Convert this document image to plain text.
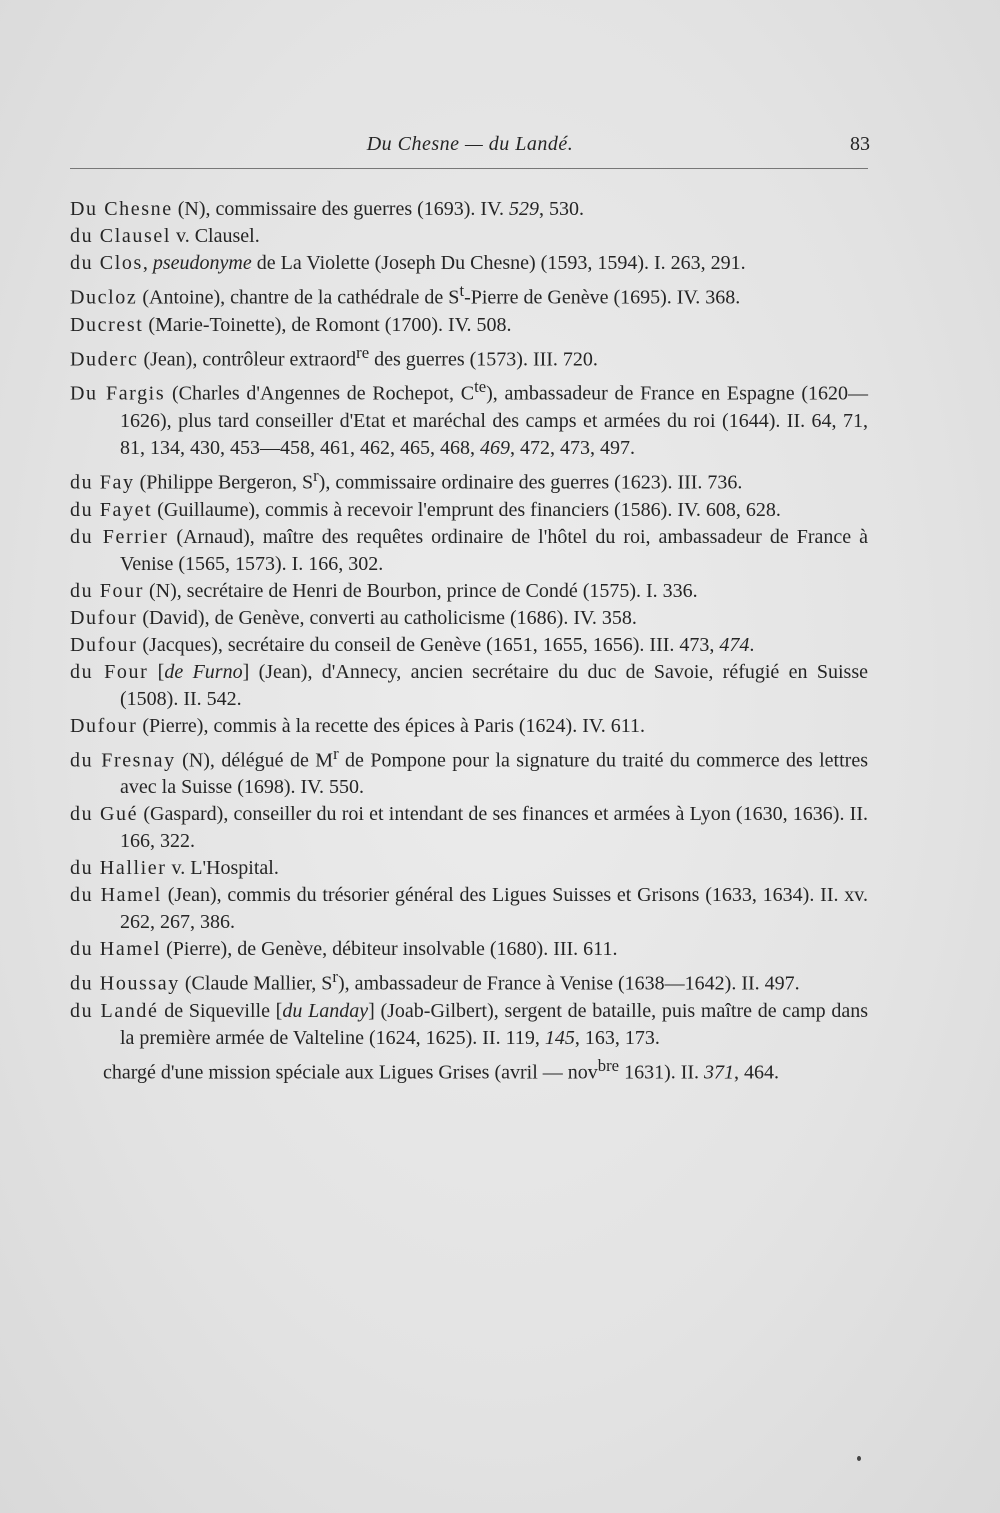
Du Chesne — du Landé.	83

Du Chesne (N), commissaire des guerres (1693). IV. 529, 530.

du Clausel v. Clausel.

du Clos, pseudonyme de La Violette (Joseph Du Chesne) (1593, 1594). I. 263, 291.

Ducloz (Antoine), chantre de la cathédrale de $S^t$-Pierre de Genève (1695). IV. 368.

Ducrest (Marie-Toinette), de Romont (1700). IV. 508.

Duderc (Jean), contrôleur extraord$^{re}$ des guerres (1573). III. 720.

Du Fargis (Charles d'Angennes de Rochepot, $C^{te}$), ambassadeur de France en Espagne (1620—1626), plus tard conseiller d'Etat et maréchal des camps et armées du roi (1644). II. 64, 71, 81, 134, 430, 453—458, 461, 462, 465, 468, 469, 472, 473, 497.

du Fay (Philippe Bergeron, $S^r$), commissaire ordinaire des guerres (1623). III. 736.

du Fayet (Guillaume), commis à recevoir l'emprunt des financiers (1586). IV. 608, 628.

du Ferrier (Arnaud), maître des requêtes ordinaire de l'hôtel du roi, ambassadeur de France à Venise (1565, 1573). I. 166, 302.

du Four (N), secrétaire de Henri de Bourbon, prince de Condé (1575). I. 336.

Dufour (David), de Genève, converti au catholicisme (1686). IV. 358.

Dufour (Jacques), secrétaire du conseil de Genève (1651, 1655, 1656). III. 473, 474.

du Four [de Furno] (Jean), d'Annecy, ancien secrétaire du duc de Savoie, réfugié en Suisse (1508). II. 542.

Dufour (Pierre), commis à la recette des épices à Paris (1624). IV. 611.

du Fresnay (N), délégué de $M^r$ de Pompone pour la signature du traité du commerce des lettres avec la Suisse (1698). IV. 550.

du Gué (Gaspard), conseiller du roi et intendant de ses finances et armées à Lyon (1630, 1636). II. 166, 322.

du Hallier v. L'Hospital.

du Hamel (Jean), commis du trésorier général des Ligues Suisses et Grisons (1633, 1634). II. xv. 262, 267, 386.

du Hamel (Pierre), de Genève, débiteur insolvable (1680). III. 611.

du Houssay (Claude Mallier, $S^r$), ambassadeur de France à Venise (1638—1642). II. 497.

du Landé de Siqueville [du Landay] (Joab-Gilbert), sergent de bataille, puis maître de camp dans la première armée de Valteline (1624, 1625). II. 119, 145, 163, 173.

chargé d'une mission spéciale aux Ligues Grises (avril — nov$^{bre}$ 1631). II. 371, 464.
